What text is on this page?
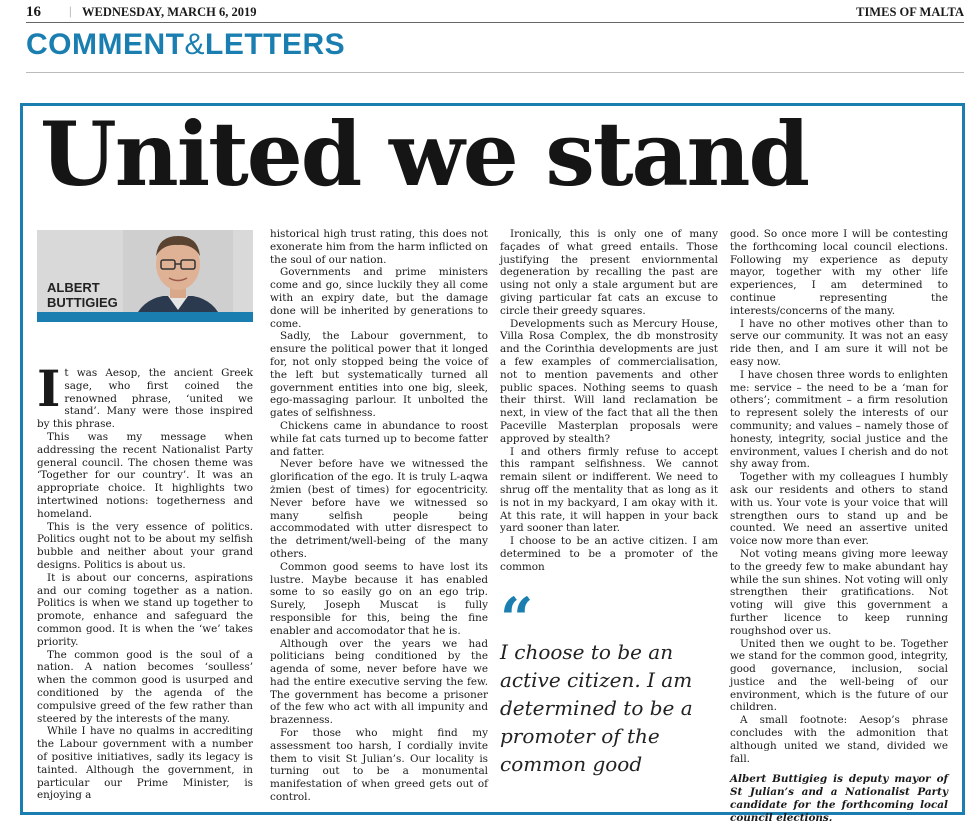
16 | WEDNESDAY, MARCH 6, 2019	TIMES OF MALTA
COMMENT&LETTERS
United we stand
ALBERT
BUTTIGIEG

It was Aesop, the ancient Greek sage, who first coined the renowned phrase, ‘united we stand’. Many were those inspired by this phrase.

This was my message when addressing the recent Nationalist Party general council. The chosen theme was ‘Together for our country’. It was an appropriate choice. It highlights two intertwined notions: togetherness and homeland.

This is the very essence of politics. Politics ought not to be about my selfish bubble and neither about your grand designs. Politics is about us.

It is about our concerns, aspirations and our coming together as a nation. Politics is when we stand up together to promote, enhance and safeguard the common good. It is when the ‘we’ takes priority.

The common good is the soul of a nation. A nation becomes ‘soulless’ when the common good is usurped and conditioned by the agenda of the compulsive greed of the few rather than steered by the interests of the many.

While I have no qualms in accrediting the Labour government with a number of positive initiatives, sadly its legacy is tainted. Although the government, in particular our Prime Minister, is enjoying a

historical high trust rating, this does not exonerate him from the harm inflicted on the soul of our nation.

Governments and prime ministers come and go, since luckily they all come with an expiry date, but the damage done will be inherited by generations to come.

Sadly, the Labour government, to ensure the political power that it longed for, not only stopped being the voice of the left but systematically turned all government entities into one big, sleek, ego-massaging parlour. It unbolted the gates of selfishness.

Chickens came in abundance to roost while fat cats turned up to become fatter and fatter.

Never before have we witnessed the glorification of the ego. It is truly L-aqwa żmien (best of times) for egocentricity. Never before have we witnessed so many selfish people being accommodated with utter disrespect to the detriment/well-being of the many others.

Common good seems to have lost its lustre. Maybe because it has enabled some to so easily go on an ego trip. Surely, Joseph Muscat is fully responsible for this, being the fine enabler and accomodator that he is.

Although over the years we had politicians being conditioned by the agenda of some, never before have we had the entire executive serving the few. The government has become a prisoner of the few who act with all impunity and brazenness.

For those who might find my assessment too harsh, I cordially invite them to visit St Julian’s. Our locality is turning out to be a monumental manifestation of when greed gets out of control.

Ironically, this is only one of many façades of what greed entails. Those justifying the present enviornmental degeneration by recalling the past are using not only a stale argument but are giving particular fat cats an excuse to circle their greedy squares.

Developments such as Mercury House, Villa Rosa Complex, the db monstrosity and the Corinthia developments are just a few examples of commercialisation, not to mention pavements and other public spaces. Nothing seems to quash their thirst. Will land reclamation be next, in view of the fact that all the then Paceville Masterplan proposals were approved by stealth?

I and others firmly refuse to accept this rampant selfishness. We cannot remain silent or indifferent. We need to shrug off the mentality that as long as it is not in my backyard, I am okay with it. At this rate, it will happen in your back yard sooner than later.

I choose to be an active citizen. I am determined to be a promoter of the common

“
I choose to be an active citizen. I am determined to be a promoter of the common good

good. So once more I will be contesting the forthcoming local council elections. Following my experience as deputy mayor, together with my other life experiences, I am determined to continue representing the interests/concerns of the many.

I have no other motives other than to serve our community. It was not an easy ride then, and I am sure it will not be easy now.

I have chosen three words to enlighten me: service – the need to be a ‘man for others’; commitment – a firm resolution to represent solely the interests of our community; and values – namely those of honesty, integrity, social justice and the environment, values I cherish and do not shy away from.

Together with my colleagues I humbly ask our residents and others to stand with us. Your vote is your voice that will strengthen ours to stand up and be counted. We need an assertive united voice now more than ever.

Not voting means giving more leeway to the greedy few to make abundant hay while the sun shines. Not voting will only strengthen their gratifications. Not voting will give this government a further licence to keep running roughshod over us.

United then we ought to be. Together we stand for the common good, integrity, good governance, inclusion, social justice and the well-being of our environment, which is the future of our children.

A small footnote: Aesop’s phrase concludes with the admonition that although united we stand, divided we fall.

Albert Buttigieg is deputy mayor of St Julian’s and a Nationalist Party candidate for the forthcoming local council elections.
